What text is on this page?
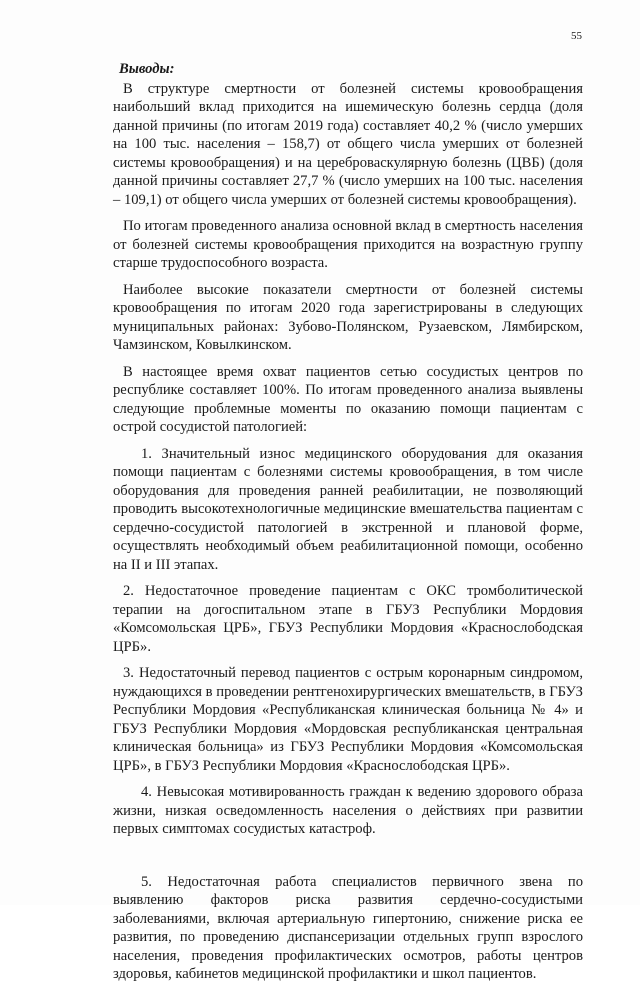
55

Выводы:

В структуре смертности от болезней системы кровообращения наибольший вклад приходится на ишемическую болезнь сердца (доля данной причины (по итогам 2019 года) составляет 40,2 % (число умерших на 100 тыс. населения – 158,7) от общего числа умерших от болезней системы кровообращения) и на цереброваскулярную болезнь (ЦВБ) (доля данной причины составляет 27,7 % (число умерших на 100 тыс. населения – 109,1) от общего числа умерших от болезней системы кровообращения).

По итогам проведенного анализа основной вклад в смертность населения от болезней системы кровообращения приходится на возрастную группу старше трудоспособного возраста.

Наиболее высокие показатели смертности от болезней системы кровообращения по итогам 2020 года зарегистрированы в следующих муниципальных районах: Зубово-Полянском, Рузаевском, Лямбирском, Чамзинском, Ковылкинском.

В настоящее время охват пациентов сетью сосудистых центров по республике составляет 100%. По итогам проведенного анализа выявлены следующие проблемные моменты по оказанию помощи пациентам с острой сосудистой патологией:

1. Значительный износ медицинского оборудования для оказания помощи пациентам с болезнями системы кровообращения, в том числе оборудования для проведения ранней реабилитации, не позволяющий проводить высокотехнологичные медицинские вмешательства пациентам с сердечно-сосудистой патологией в экстренной и плановой форме, осуществлять необходимый объем реабилитационной помощи, особенно на II и III этапах.

2. Недостаточное проведение пациентам с ОКС тромболитической терапии на догоспитальном этапе в ГБУЗ Республики Мордовия «Комсомольская ЦРБ», ГБУЗ Республики Мордовия «Краснослободская ЦРБ».

3. Недостаточный перевод пациентов с острым коронарным синдромом, нуждающихся в проведении рентгенохирургических вмешательств, в ГБУЗ Республики Мордовия «Республиканская клиническая больница № 4» и ГБУЗ Республики Мордовия «Мордовская республиканская центральная клиническая больница» из ГБУЗ Республики Мордовия «Комсомольская ЦРБ», в ГБУЗ Республики Мордовия «Краснослободская ЦРБ».

4. Невысокая мотивированность граждан к ведению здорового образа жизни, низкая осведомленность населения о действиях при развитии первых симптомах сосудистых катастроф.

5. Недостаточная работа специалистов первичного звена по выявлению факторов риска развития сердечно-сосудистыми заболеваниями, включая артериальную гипертонию, снижение риска ее развития, по проведению диспансеризации отдельных групп взрослого населения, проведения профилактических осмотров, работы центров здоровья, кабинетов медицинской профилактики и школ пациентов.
